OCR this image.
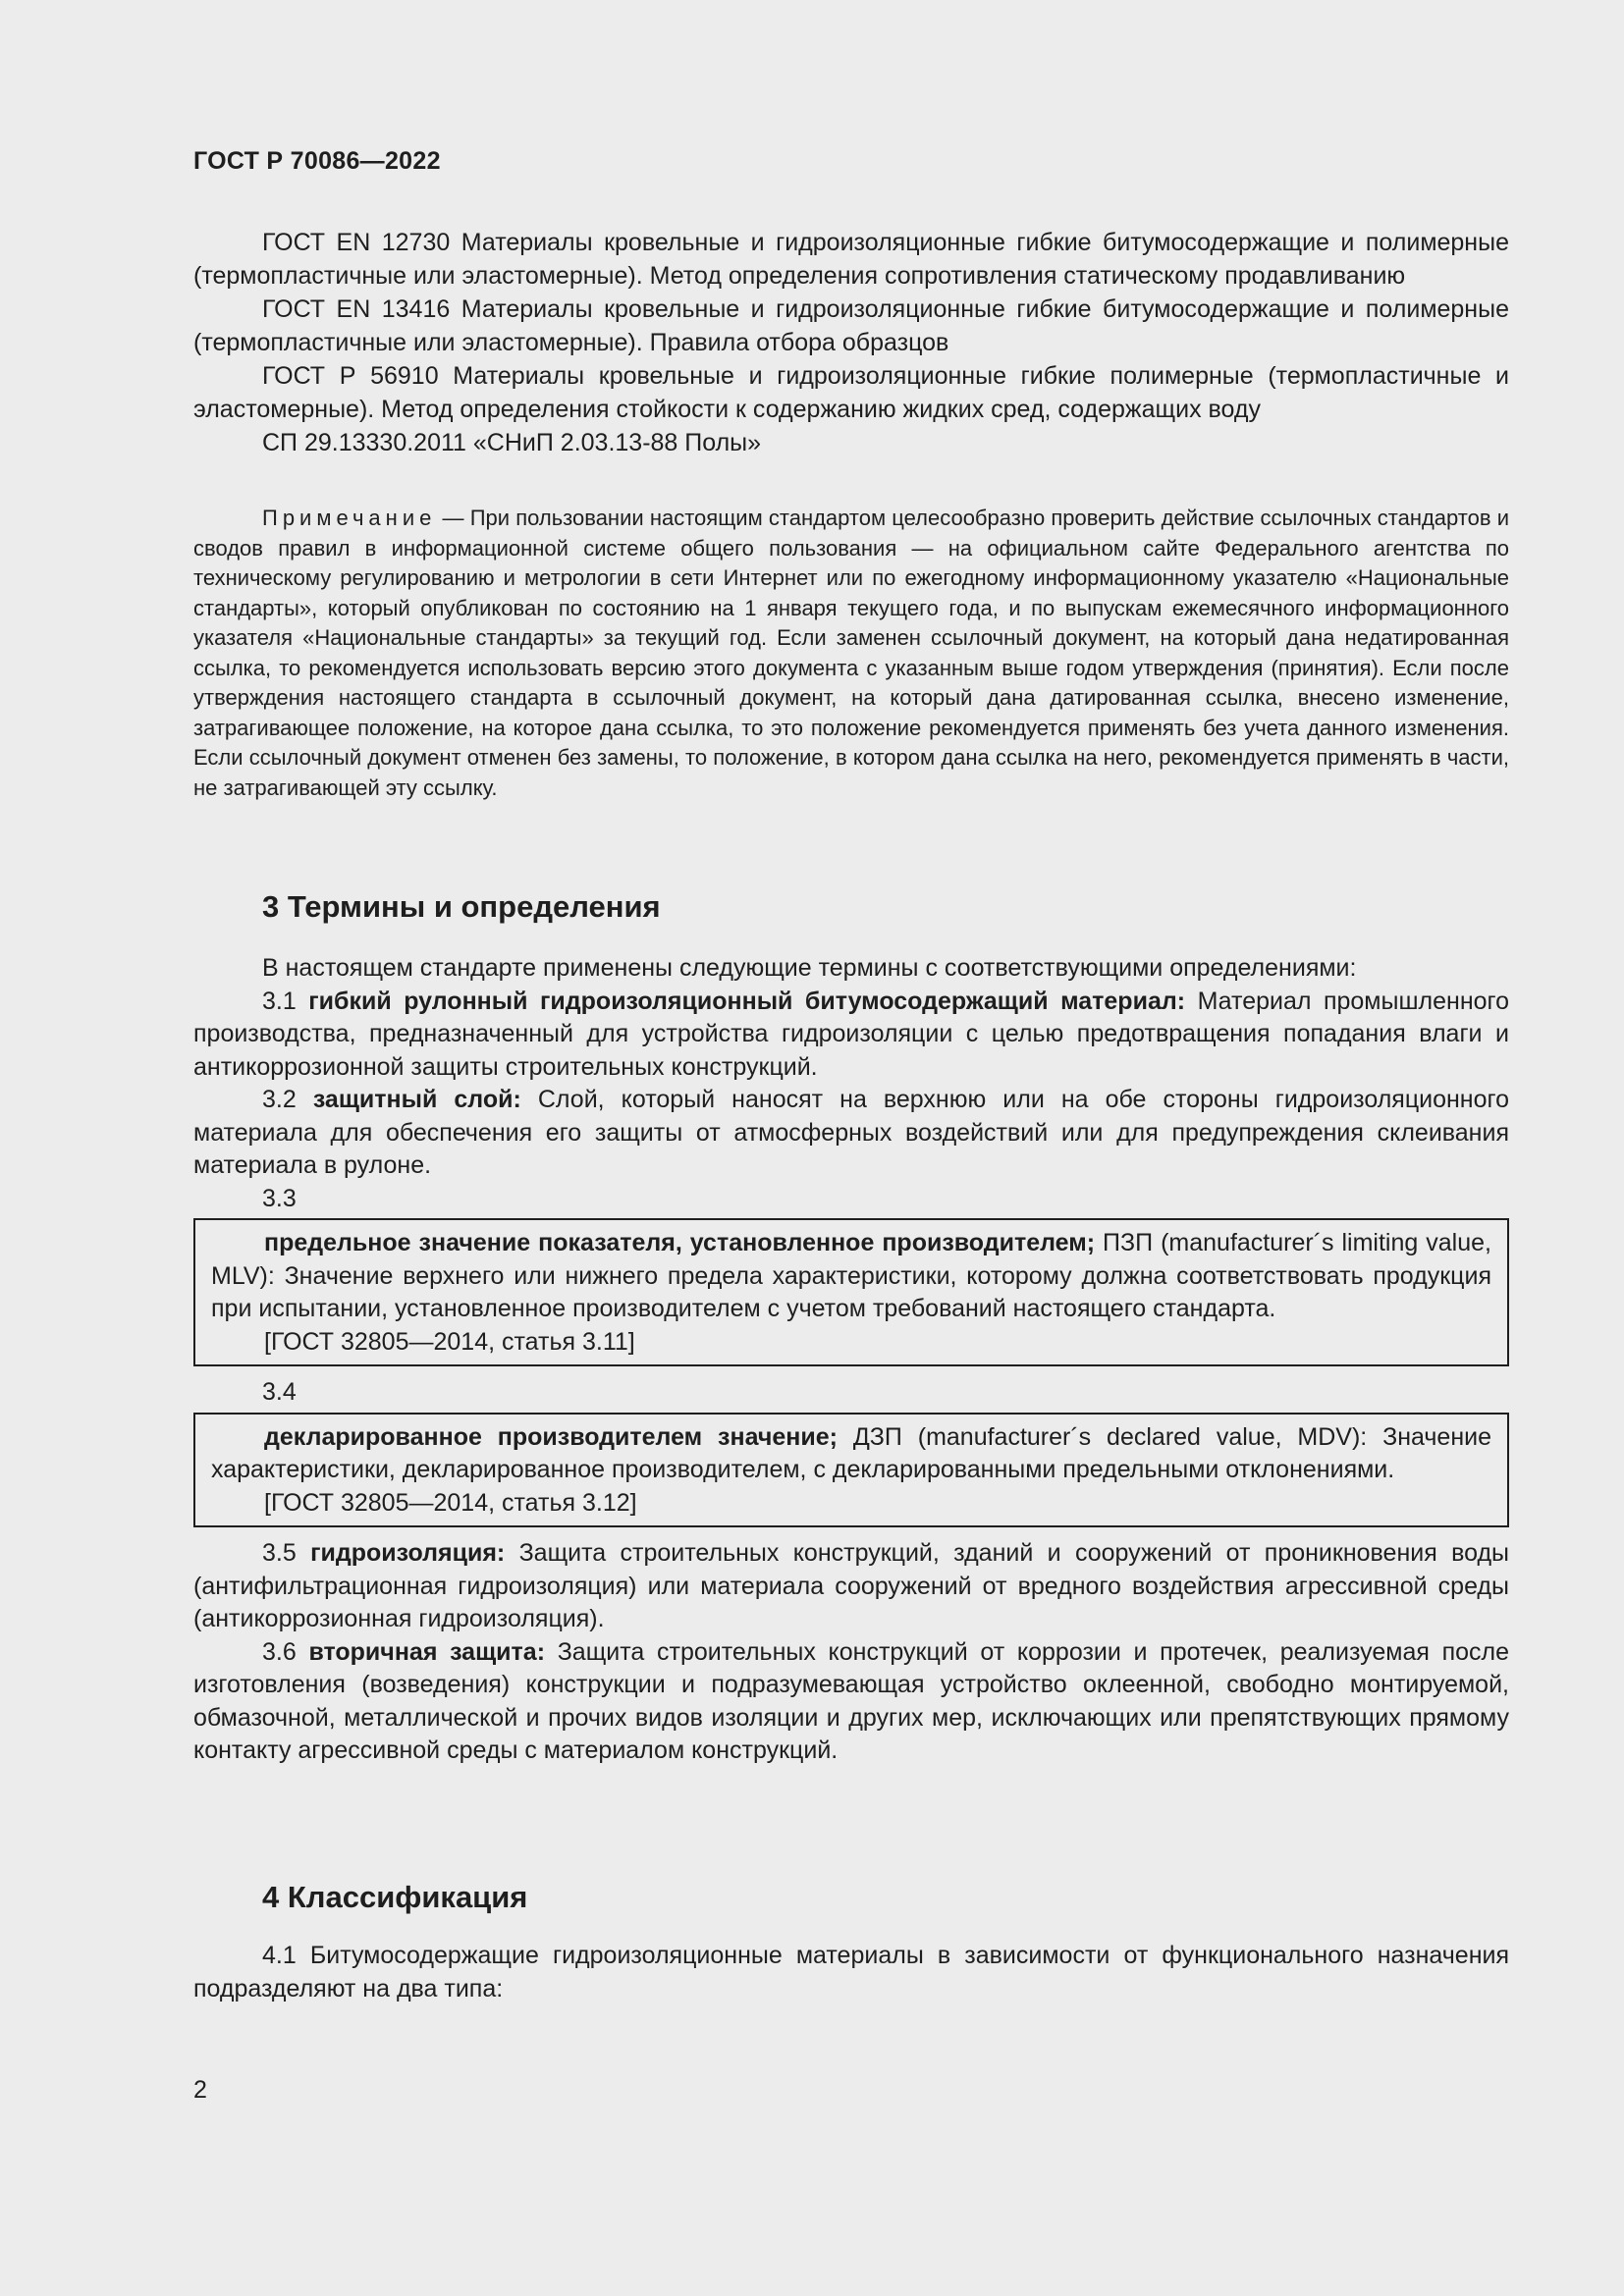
ГОСТ Р 70086—2022

ГОСТ EN 12730 Материалы кровельные и гидроизоляционные гибкие битумосодержащие и полимерные (термопластичные или эластомерные). Метод определения сопротивления статическому продавливанию

ГОСТ EN 13416 Материалы кровельные и гидроизоляционные гибкие битумосодержащие и полимерные (термопластичные или эластомерные). Правила отбора образцов

ГОСТ Р 56910 Материалы кровельные и гидроизоляционные гибкие полимерные (термопластичные и эластомерные). Метод определения стойкости к содержанию жидких сред, содержащих воду

СП 29.13330.2011 «СНиП 2.03.13-88 Полы»

Примечание — При пользовании настоящим стандартом целесообразно проверить действие ссылочных стандартов и сводов правил в информационной системе общего пользования — на официальном сайте Федерального агентства по техническому регулированию и метрологии в сети Интернет или по ежегодному информационному указателю «Национальные стандарты», который опубликован по состоянию на 1 января текущего года, и по выпускам ежемесячного информационного указателя «Национальные стандарты» за текущий год. Если заменен ссылочный документ, на который дана недатированная ссылка, то рекомендуется использовать версию этого документа с указанным выше годом утверждения (принятия). Если после утверждения настоящего стандарта в ссылочный документ, на который дана датированная ссылка, внесено изменение, затрагивающее положение, на которое дана ссылка, то это положение рекомендуется применять без учета данного изменения. Если ссылочный документ отменен без замены, то положение, в котором дана ссылка на него, рекомендуется применять в части, не затрагивающей эту ссылку.

3 Термины и определения

В настоящем стандарте применены следующие термины с соответствующими определениями:

3.1 гибкий рулонный гидроизоляционный битумосодержащий материал: Материал промышленного производства, предназначенный для устройства гидроизоляции с целью предотвращения попадания влаги и антикоррозионной защиты строительных конструкций.

3.2 защитный слой: Слой, который наносят на верхнюю или на обе стороны гидроизоляционного материала для обеспечения его защиты от атмосферных воздействий или для предупреждения склеивания материала в рулоне.

3.3

предельное значение показателя, установленное производителем; ПЗП (manufacturer´s limiting value, MLV): Значение верхнего или нижнего предела характеристики, которому должна соответствовать продукция при испытании, установленное производителем с учетом требований настоящего стандарта.

[ГОСТ 32805—2014, статья 3.11]

3.4

декларированное производителем значение; ДЗП (manufacturer´s declared value, MDV): Значение характеристики, декларированное производителем, с декларированными предельными отклонениями.

[ГОСТ 32805—2014, статья 3.12]

3.5 гидроизоляция: Защита строительных конструкций, зданий и сооружений от проникновения воды (антифильтрационная гидроизоляция) или материала сооружений от вредного воздействия агрессивной среды (антикоррозионная гидроизоляция).

3.6 вторичная защита: Защита строительных конструкций от коррозии и протечек, реализуемая после изготовления (возведения) конструкции и подразумевающая устройство оклеенной, свободно монтируемой, обмазочной, металлической и прочих видов изоляции и других мер, исключающих или препятствующих прямому контакту агрессивной среды с материалом конструкций.

4 Классификация

4.1 Битумосодержащие гидроизоляционные материалы в зависимости от функционального назначения подразделяют на два типа:

2
